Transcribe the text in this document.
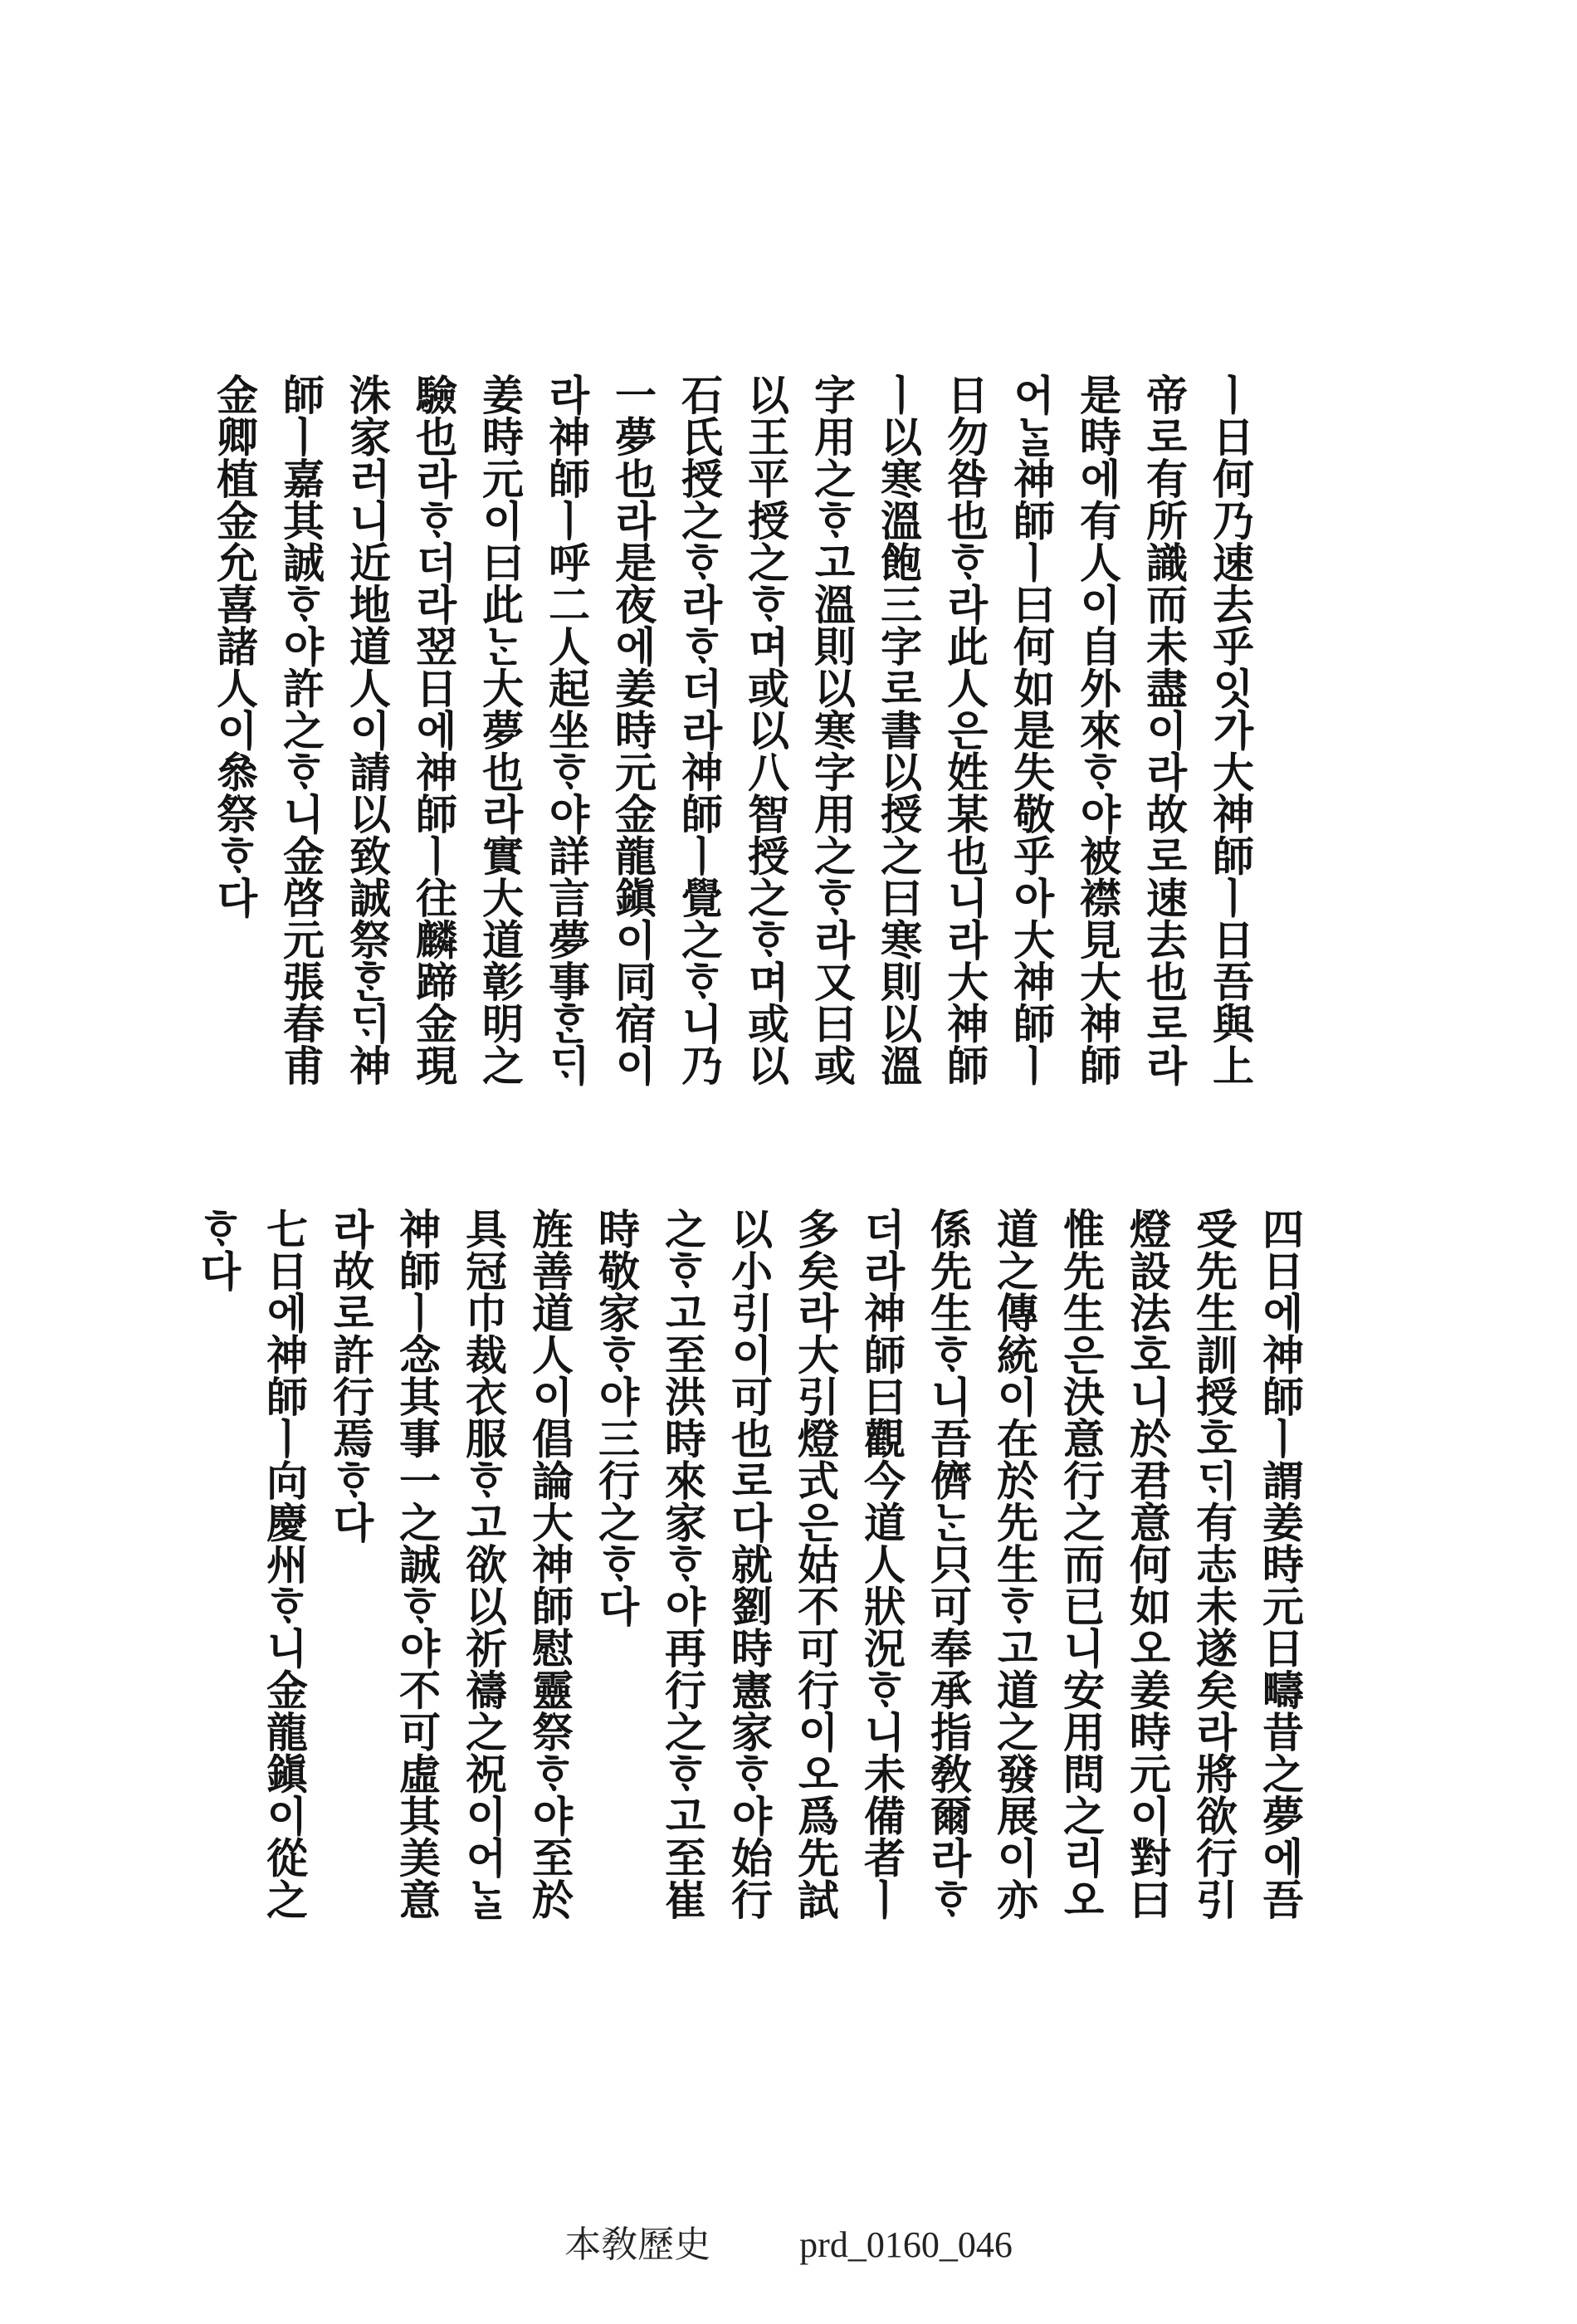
ㅣ日何乃速去乎잇가大神師ㅣ日吾與上
帝로有所識而未盡이라故로速去也로라
是時에有人이自外來ᄒᆞ야被襟見大神師
어ᄂᆞᆯ神師ㅣ曰何如是失敬乎아大神師ㅣ
日勿咎也ᄒᆞ라此人은姓某也니라大神師
ㅣ以寒溫飽三字로書以授之曰寒則以溫
字用之ᄒᆞ고溫則以寒字用之ᄒᆞ라又曰或
以王平授之ᄒᆞ며或以八智授之ᄒᆞ며或以
石氏授之ᄒᆞ라ᄒᆞ더라神師ㅣ覺之ᄒᆞ니乃
一夢也라是夜에姜時元金龍鎭이同宿이
라神師ㅣ呼二人起坐ᄒᆞ야詳言夢事ᄒᆞᆫᄃᆡ
姜時元이曰此ᄂᆞᆫ大夢也라實大道彰明之
驗也라ᄒᆞ더라翌日에神師ㅣ往麟蹄金現
洙家러니近地道人이請以致誠祭ᄒᆞᆫᄃᆡ神
師ㅣ嘉其誠ᄒᆞ야許之ᄒᆞ니金啓元張春甫
金卿植金允喜諸人이叅祭ᄒᆞ다
四日에神師ㅣ謂姜時元日疇昔之夢에吾
受先生訓授호ᄃᆡ有志未遂矣라將欲行引
燈設法호니於君意何如오姜時元이對曰
惟先生은決意行之而已니安用問之리오
道之傳統이在於先生ᄒᆞ고道之發展이亦
係先生ᄒᆞ니吾儕ᄂᆞᆫ只可奉承指敎爾라ᄒᆞ
더라神師曰觀今道人狀況ᄒᆞ니未備者ㅣ
多矣라大引燈式은姑不可行이오爲先試
以小引이可也로다就劉時憲家ᄒᆞ야始行
之ᄒᆞ고至洪時來家ᄒᆞ야再行之ᄒᆞ고至崔
時敬家ᄒᆞ야三行之ᄒᆞ다
旌善道人이倡論大神師慰靈祭ᄒᆞ야至於
具冠巾裁衣服ᄒᆞ고欲以祈禱之祝이어ᄂᆞᆯ
神師ㅣ念其事一之誠ᄒᆞ야不可虛其美意
라故로許行焉ᄒᆞ다
七日에神師ㅣ向慶州ᄒᆞ니金龍鎭이從之
ᄒᆞ다
本敎歷史 prd_0160_046
